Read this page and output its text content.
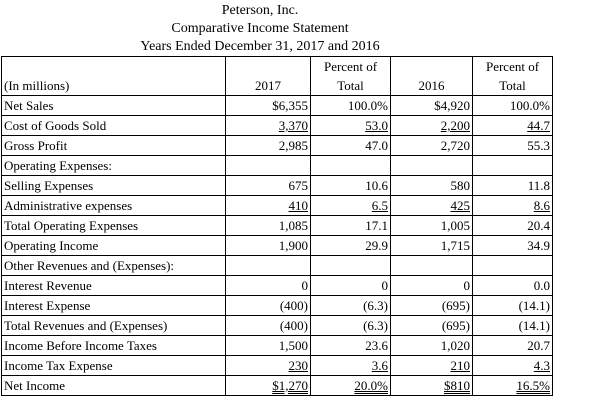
Peterson, Inc.
Comparative Income Statement
Years Ended December 31, 2017 and 2016
		Percent of		Percent of
(In millions)	2017	Total	2016	Total
Net Sales	$6,355	100.0%	$4,920	100.0%
Cost of Goods Sold	3,370	53.0	2,200	44.7
Gross Profit	2,985	47.0	2,720	55.3
Operating Expenses:				
Selling Expenses	675	10.6	580	11.8
Administrative expenses	410	6.5	425	8.6
Total Operating Expenses	1,085	17.1	1,005	20.4
Operating Income	1,900	29.9	1,715	34.9
Other Revenues and (Expenses):				
Interest Revenue	0	0	0	0.0
Interest Expense	(400)	(6.3)	(695)	(14.1)
Total Revenues and (Expenses)	(400)	(6.3)	(695)	(14.1)
Income Before Income Taxes	1,500	23.6	1,020	20.7
Income Tax Expense	230	3.6	210	4.3
Net Income	$1,270	20.0%	$810	16.5%
